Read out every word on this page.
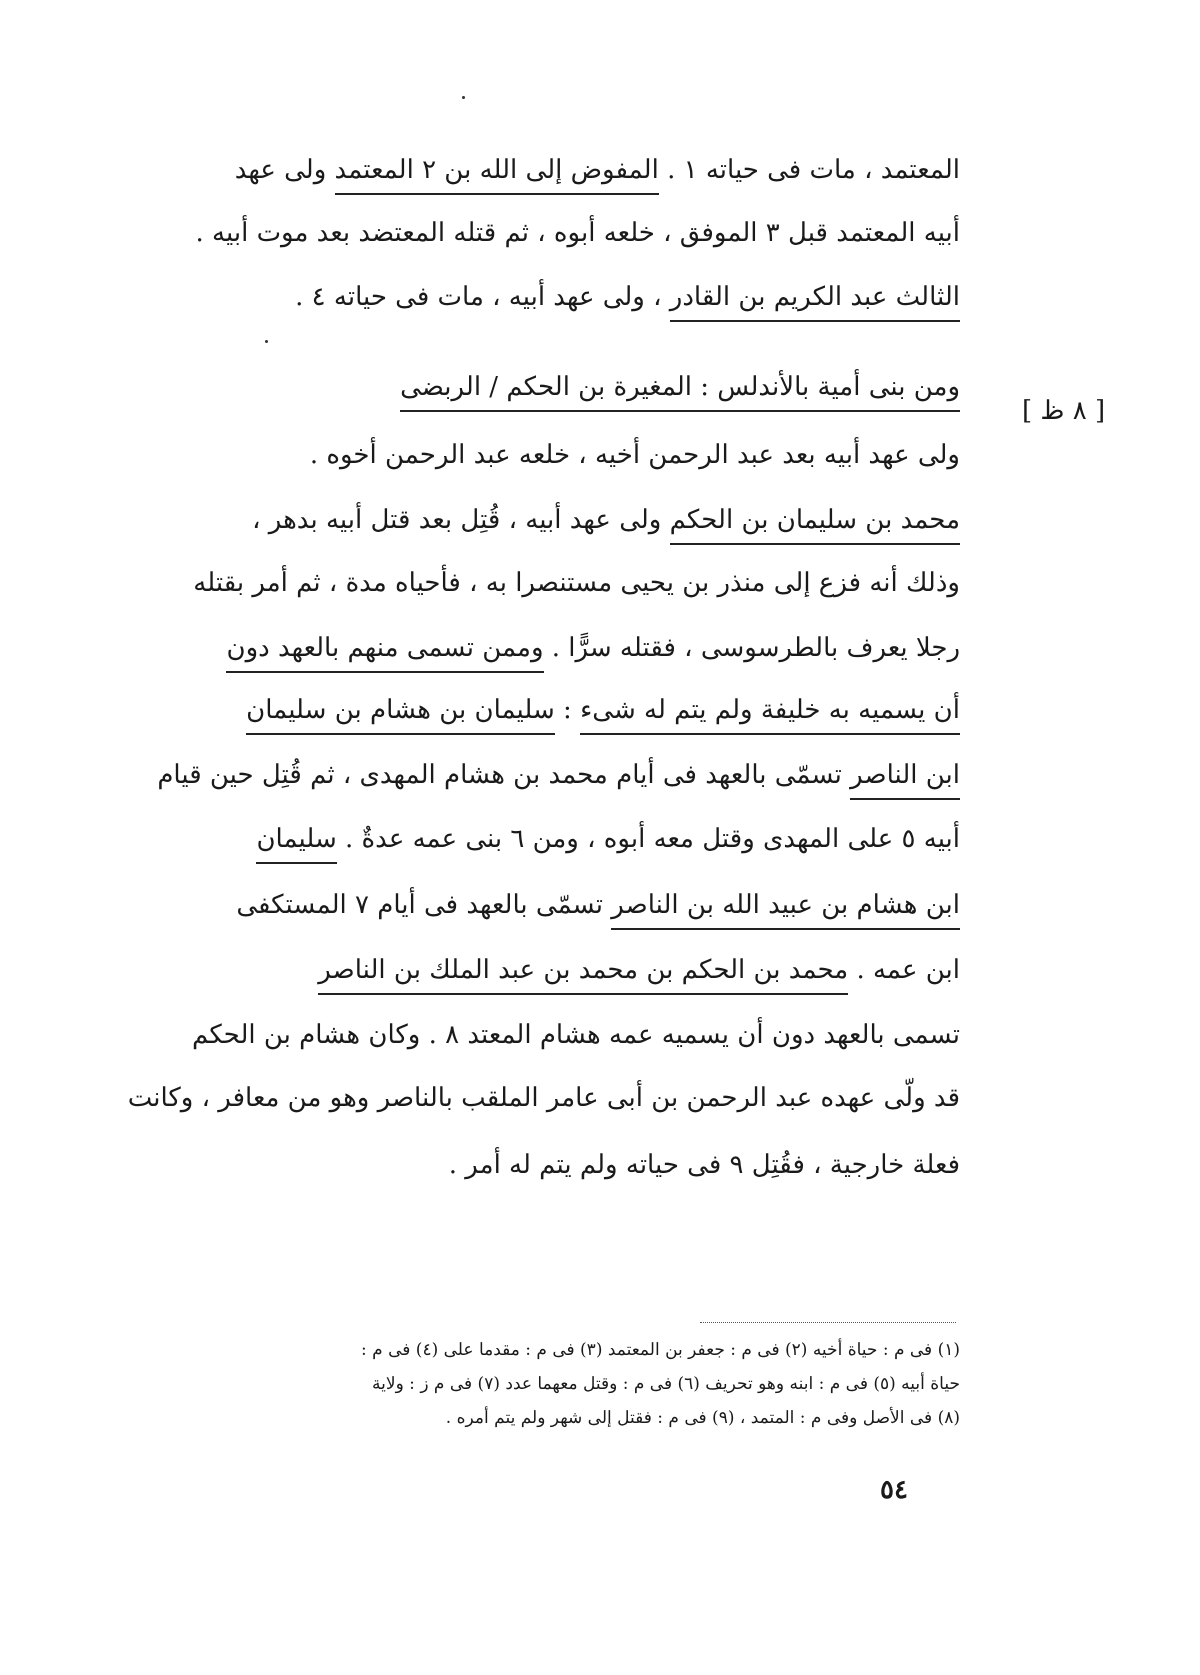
[ ٨ ظ ]
المعتمد ، مات فى حياته ١ . المفوض إلى الله بن ٢ المعتمد ولى عهد
أبيه المعتمد قبل ٣ الموفق ، خلعه أبوه ، ثم قتله المعتضد بعد موت أبيه .
الثالث عبد الكريم بن القادر ، ولى عهد أبيه ، مات فى حياته ٤ .
ومن بنى أمية بالأندلس : المغيرة بن الحكم / الربضى
ولى عهد أبيه بعد عبد الرحمن أخيه ، خلعه عبد الرحمن أخوه .
محمد بن سليمان بن الحكم ولى عهد أبيه ، قُتِل بعد قتل أبيه بدهر ،
وذلك أنه فزع إلى منذر بن يحيى مستنصرا به ، فأحياه مدة ، ثم أمر بقتله
رجلا يعرف بالطرسوسى ، فقتله سرًّا . وممن تسمى منهم بالعهد دون
أن يسميه به خليفة ولم يتم له شىء : سليمان بن هشام بن سليمان
ابن الناصر تسمّى بالعهد فى أيام محمد بن هشام المهدى ، ثم قُتِل حين قيام
أبيه ٥ على المهدى وقتل معه أبوه ، ومن ٦ بنى عمه عدةٌ . سليمان
ابن هشام بن عبيد الله بن الناصر تسمّى بالعهد فى أيام ٧ المستكفى
ابن عمه . محمد بن الحكم بن محمد بن عبد الملك بن الناصر
تسمى بالعهد دون أن يسميه عمه هشام المعتد ٨ . وكان هشام بن الحكم
قد ولّى عهده عبد الرحمن بن أبى عامر الملقب بالناصر وهو من معافر ، وكانت
فعلة خارجية ، فقُتِل ٩ فى حياته ولم يتم له أمر .
(١) فى م : حياة أخيه (٢) فى م : جعفر بن المعتمد (٣) فى م : مقدما على (٤) فى م :
حياة أبيه (٥) فى م : ابنه وهو تحريف (٦) فى م : وقتل معهما عدد (٧) فى م ز : ولاية
(٨) فى الأصل وفى م : المتمد ، (٩) فى م : فقتل إلى شهر ولم يتم أمره .
٥٤
